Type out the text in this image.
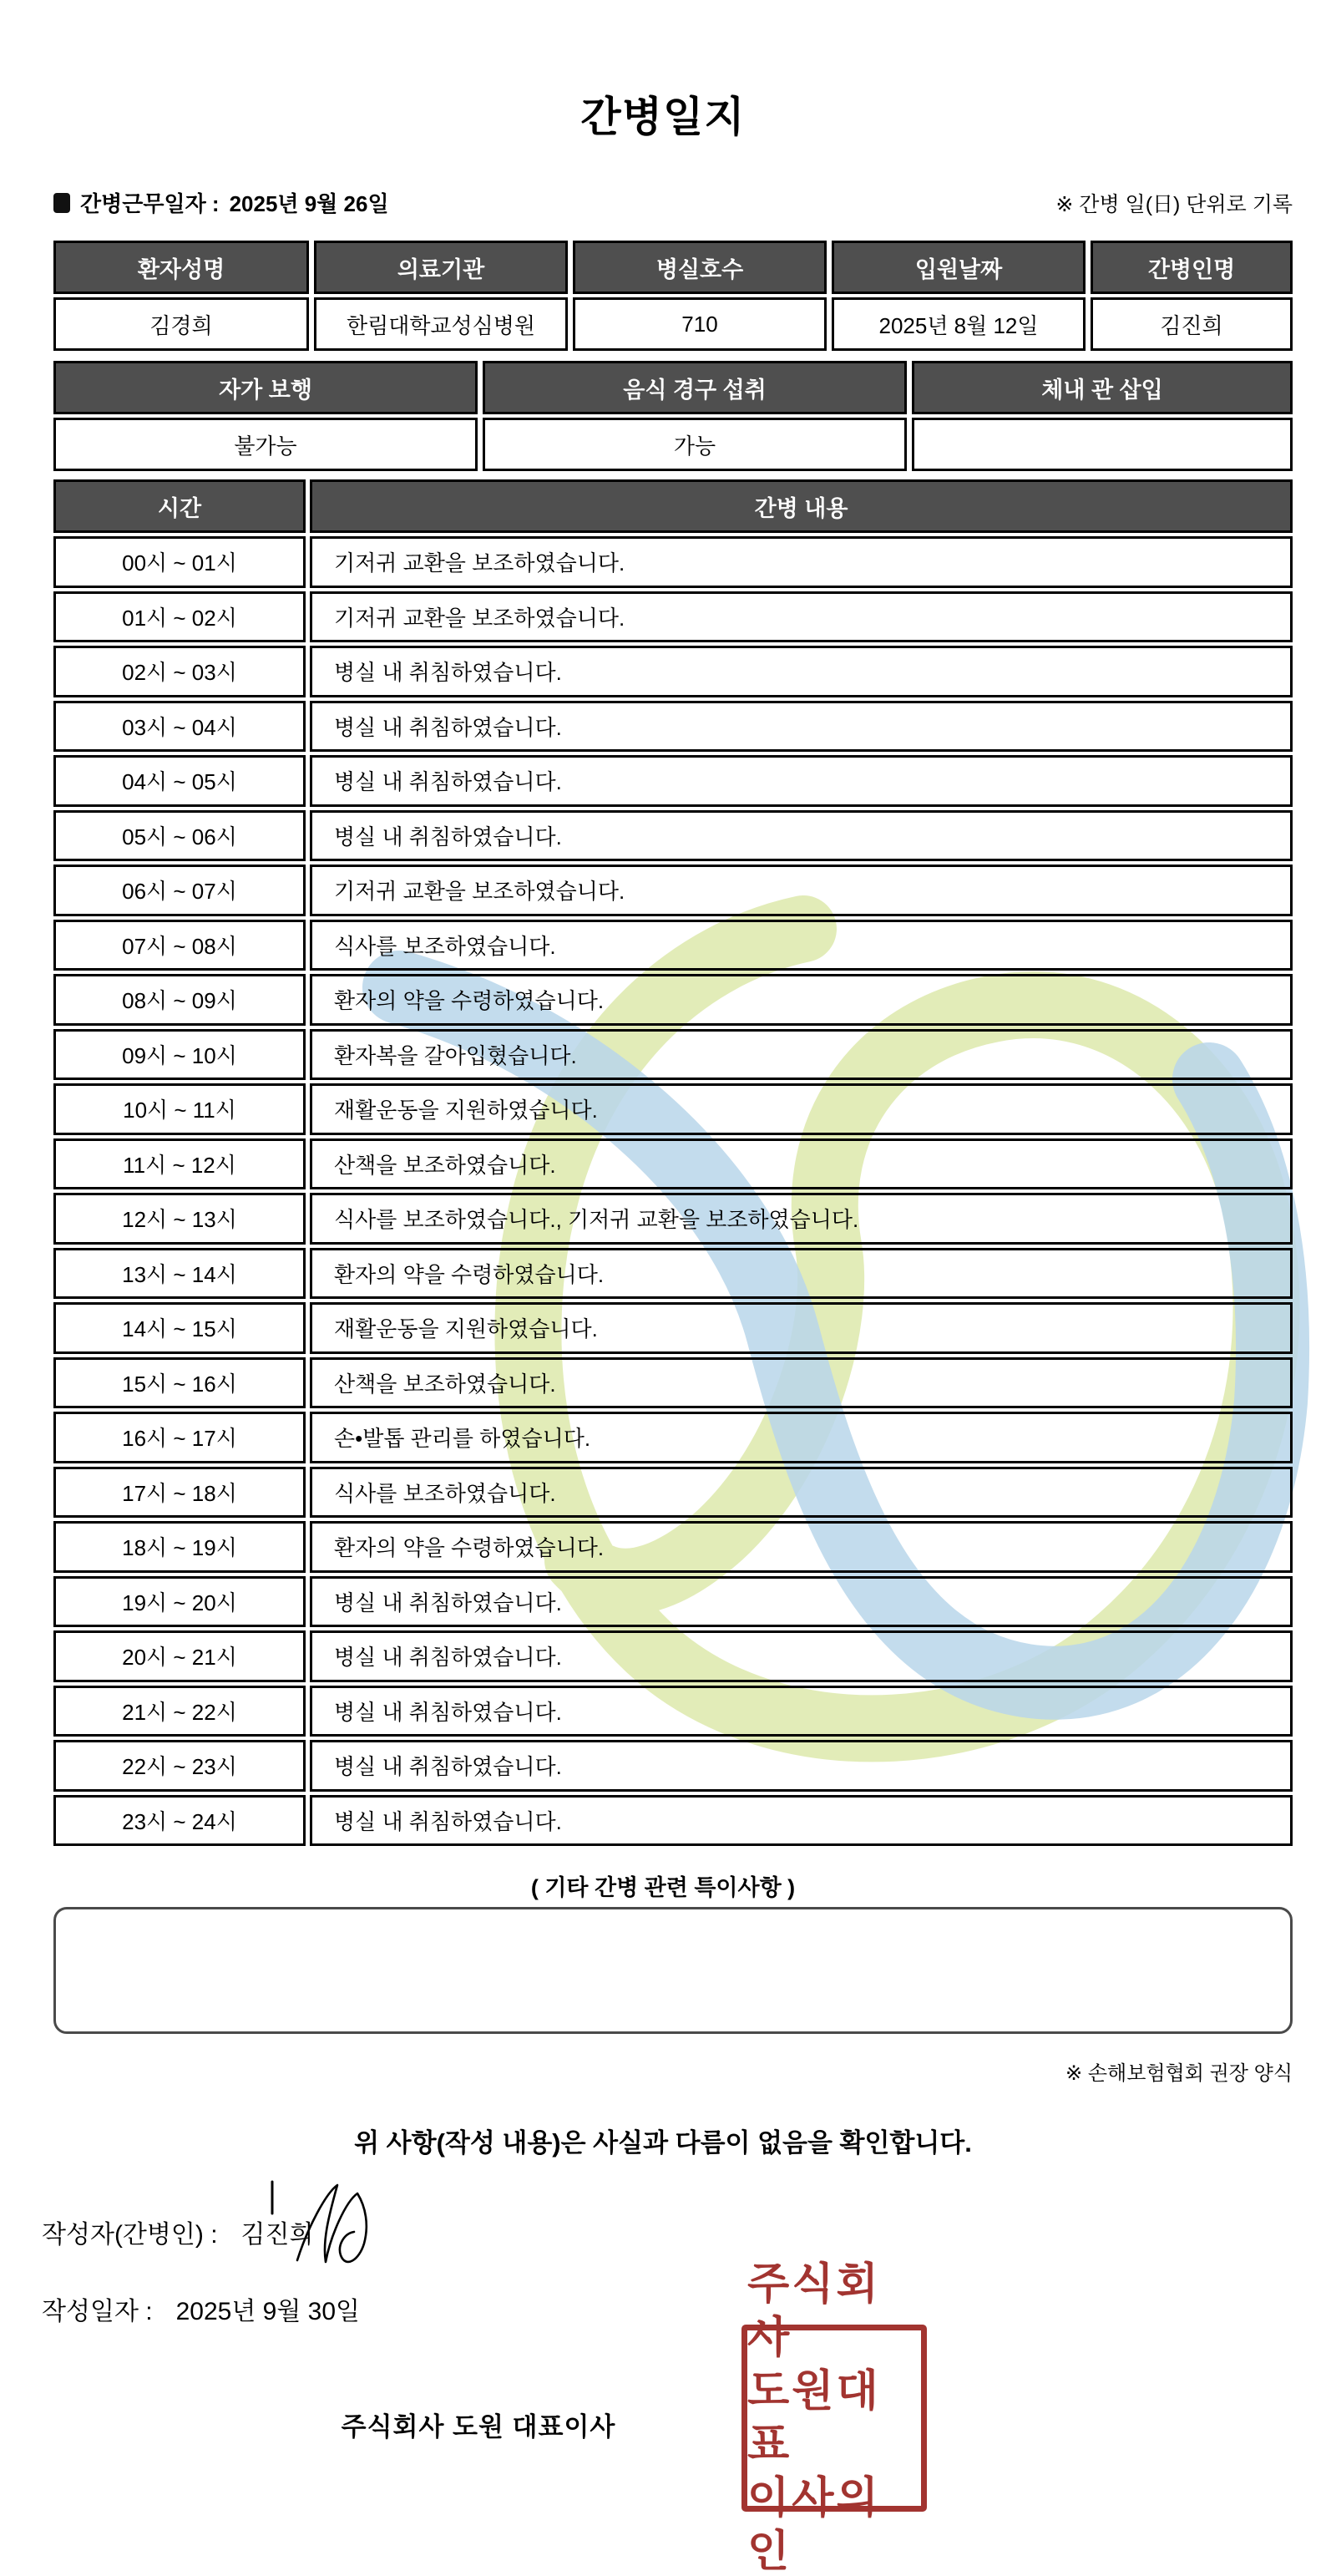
간병일지
간병근무일자 : 2025년 9월 26일	※ 간병 일(日) 단위로 기록
환자성명	의료기관	병실호수	입원날짜	간병인명
김경희	한림대학교성심병원	710	2025년 8월 12일	김진희
자가 보행	음식 경구 섭취	체내 관 삽입
불가능	가능
시간	간병 내용
00시 ~ 01시	기저귀 교환을 보조하였습니다.
01시 ~ 02시	기저귀 교환을 보조하였습니다.
02시 ~ 03시	병실 내 취침하였습니다.
03시 ~ 04시	병실 내 취침하였습니다.
04시 ~ 05시	병실 내 취침하였습니다.
05시 ~ 06시	병실 내 취침하였습니다.
06시 ~ 07시	기저귀 교환을 보조하였습니다.
07시 ~ 08시	식사를 보조하였습니다.
08시 ~ 09시	환자의 약을 수령하였습니다.
09시 ~ 10시	환자복을 갈아입혔습니다.
10시 ~ 11시	재활운동을 지원하였습니다.
11시 ~ 12시	산책을 보조하였습니다.
12시 ~ 13시	식사를 보조하였습니다., 기저귀 교환을 보조하였습니다.
13시 ~ 14시	환자의 약을 수령하였습니다.
14시 ~ 15시	재활운동을 지원하였습니다.
15시 ~ 16시	산책을 보조하였습니다.
16시 ~ 17시	손•발톱 관리를 하였습니다.
17시 ~ 18시	식사를 보조하였습니다.
18시 ~ 19시	환자의 약을 수령하였습니다.
19시 ~ 20시	병실 내 취침하였습니다.
20시 ~ 21시	병실 내 취침하였습니다.
21시 ~ 22시	병실 내 취침하였습니다.
22시 ~ 23시	병실 내 취침하였습니다.
23시 ~ 24시	병실 내 취침하였습니다.
( 기타 간병 관련 특이사항 )
※ 손해보험협회 권장 양식
위 사항(작성 내용)은 사실과 다름이 없음을 확인합니다.
작성자(간병인) : 김진희
작성일자 : 2025년 9월 30일
주식회사 도원 대표이사
주식회사
도원대표
이사의인
